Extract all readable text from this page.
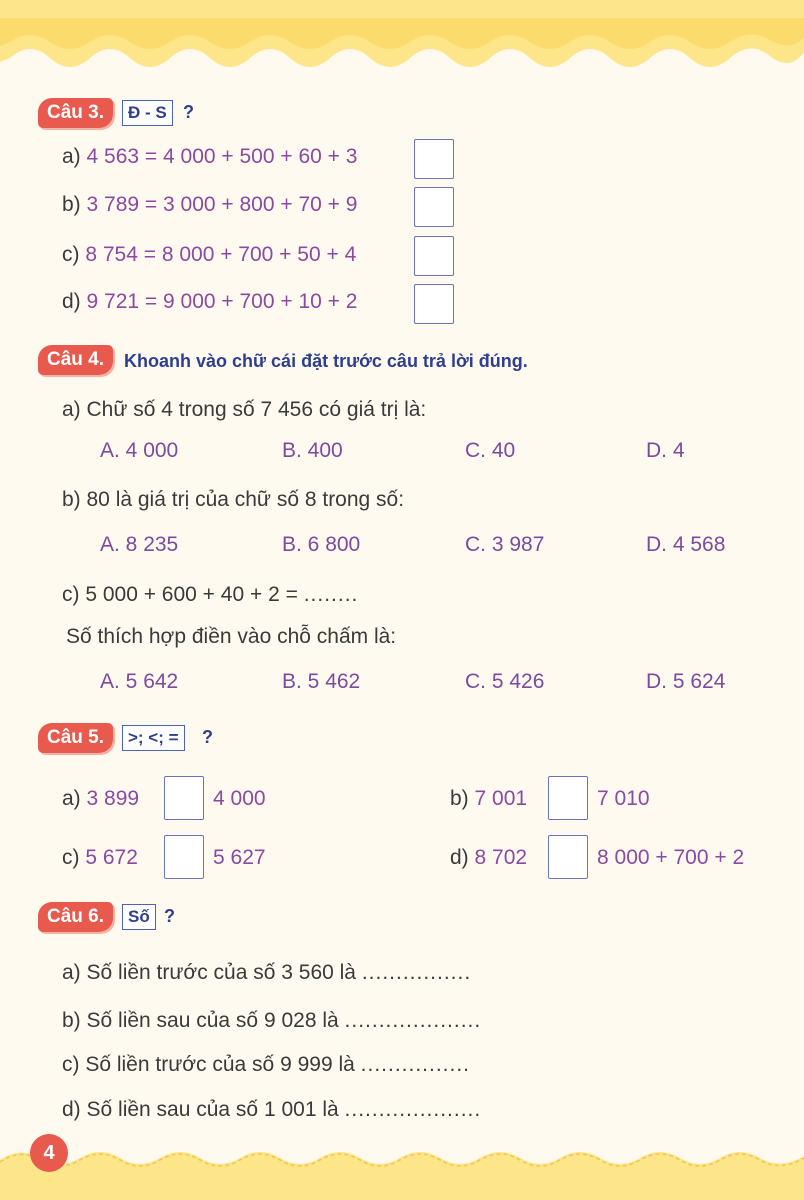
Câu 3.	Đ - S ?
a) 4 563 = 4 000 + 500 + 60 + 3
b) 3 789 = 3 000 + 800 + 70 + 9
c) 8 754 = 8 000 + 700 + 50 + 4
d) 9 721 = 9 000 + 700 + 10 + 2
Câu 4.	Khoanh vào chữ cái đặt trước câu trả lời đúng.
a) Chữ số 4 trong số 7 456 có giá trị là:
A. 4 000	B. 400	C. 40	D. 4
b) 80 là giá trị của chữ số 8 trong số:
A. 8 235	B. 6 800	C. 3 987	D. 4 568
c) 5 000 + 600 + 40 + 2 = ........
Số thích hợp điền vào chỗ chấm là:
A. 5 642	B. 5 462	C. 5 426	D. 5 624
Câu 5.	>; <; =	?
a) 3 899	4 000	b) 7 001	7 010
c) 5 672	5 627	d) 8 702	8 000 + 700 + 2
Câu 6.	Số ?
a) Số liền trước của số 3 560 là ................
b) Số liền sau của số 9 028 là ....................
c) Số liền trước của số 9 999 là ................
d) Số liền sau của số 1 001 là ....................
4
